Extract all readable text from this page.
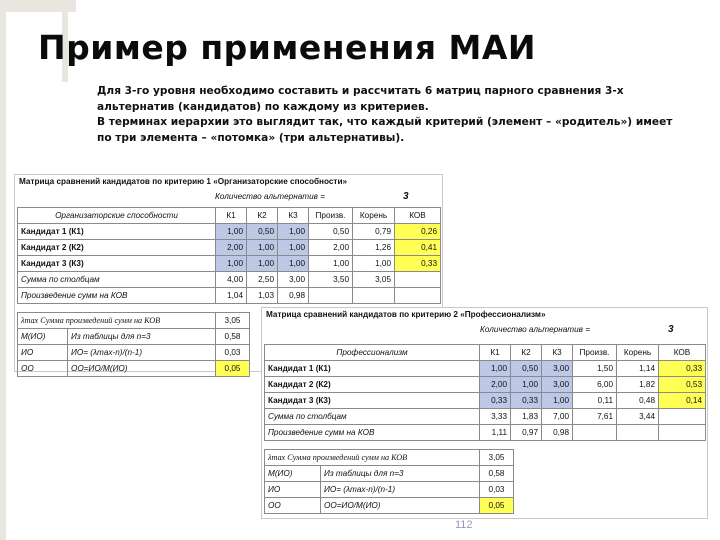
Пример применения МАИ
Для 3-го уровня необходимо составить и рассчитать 6 матриц парного сравнения 3-х
альтернатив (кандидатов) по каждому из критериев.
В терминах иерархии это выглядит так, что каждый критерий (элемент – «родитель») имеет
по три элемента – «потомка» (три альтернативы).
Матрица сравнений кандидатов по критерию 1 «Организаторские способности»
Количество альтернатив =	3
Организаторские способности	К1	К2	К3	Произв.	Корень	КОВ
Кандидат 1 (К1)	1,00	0,50	1,00	0,50	0,79	0,26
Кандидат 2 (К2)	2,00	1,00	1,00	2,00	1,26	0,41
Кандидат 3 (К3)	1,00	1,00	1,00	1,00	1,00	0,33
Сумма по столбцам	4,00	2,50	3,00	3,50	3,05	
Произведение сумм на КОВ	1,04	1,03	0,98			
λmax Сумма произведений сумм на КОВ		3,05
М(ИО)	Из таблицы для n=3	0,58
ИО	ИО= (λmax-n)/(n-1)	0,03
ОО	ОО=ИО/М(ИО)	0,05
Матрица сравнений кандидатов по критерию 2 «Профессионализм»
Количество альтернатив =	3
Профессионализм	К1	К2	К3	Произв.	Корень	КОВ
Кандидат 1 (К1)	1,00	0,50	3,00	1,50	1,14	0,33
Кандидат 2 (К2)	2,00	1,00	3,00	6,00	1,82	0,53
Кандидат 3 (К3)	0,33	0,33	1,00	0,11	0,48	0,14
Сумма по столбцам	3,33	1,83	7,00	7,61	3,44	
Произведение сумм на КОВ	1,11	0,97	0,98			
λmax Сумма произведений сумм на КОВ		3,05
М(ИО)	Из таблицы для n=3	0,58
ИО	ИО= (λmax-n)/(n-1)	0,03
ОО	ОО=ИО/М(ИО)	0,05
112
